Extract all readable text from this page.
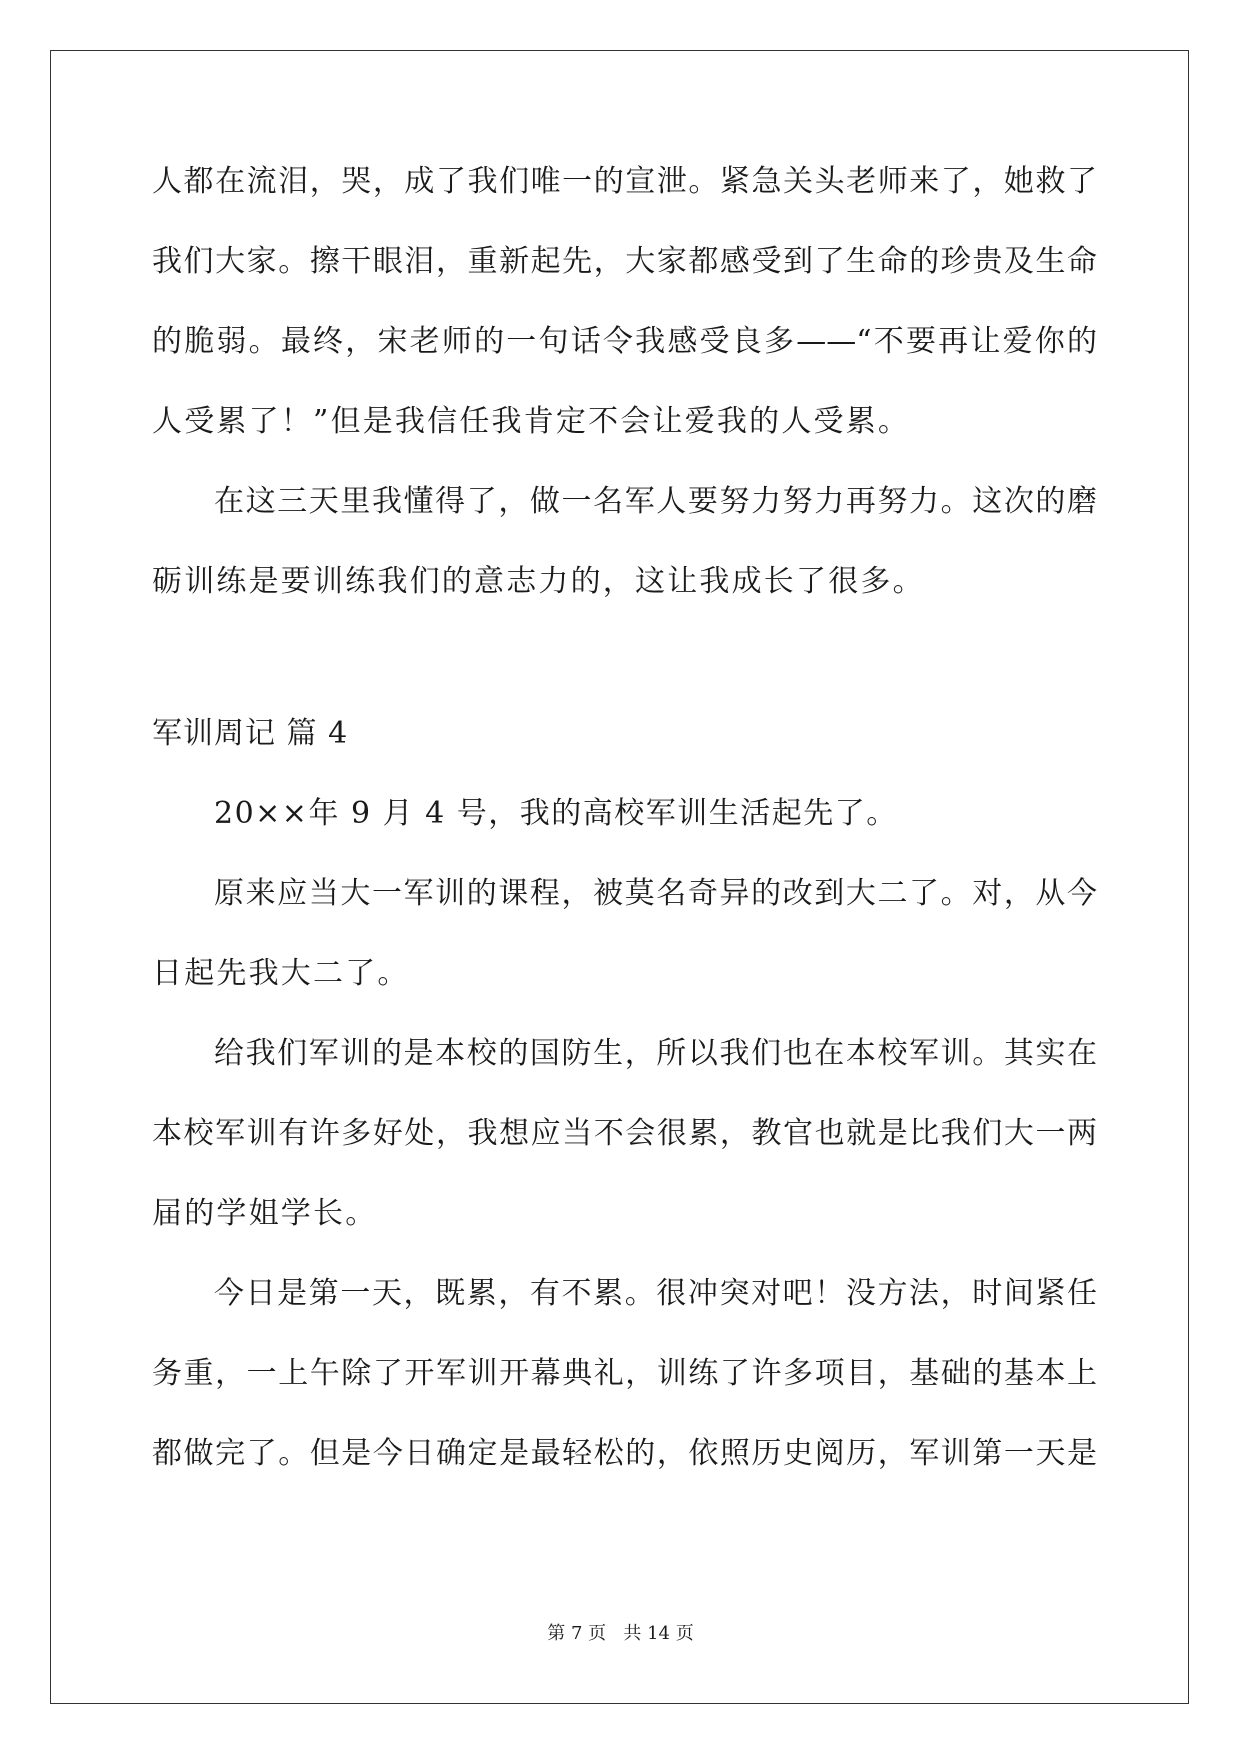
人都在流泪，哭，成了我们唯一的宣泄。紧急关头老师来了，她救了
我们大家。擦干眼泪，重新起先，大家都感受到了生命的珍贵及生命
的脆弱。最终，宋老师的一句话令我感受良多——“不要再让爱你的
人受累了！”但是我信任我肯定不会让爱我的人受累。
在这三天里我懂得了，做一名军人要努力努力再努力。这次的磨
砺训练是要训练我们的意志力的，这让我成长了很多。
军训周记 篇 4
20××年 9 月 4 号，我的高校军训生活起先了。
原来应当大一军训的课程，被莫名奇异的改到大二了。对，从今
日起先我大二了。
给我们军训的是本校的国防生，所以我们也在本校军训。其实在
本校军训有许多好处，我想应当不会很累，教官也就是比我们大一两
届的学姐学长。
今日是第一天，既累，有不累。很冲突对吧！没方法，时间紧任
务重，一上午除了开军训开幕典礼，训练了许多项目，基础的基本上
都做完了。但是今日确定是最轻松的，依照历史阅历，军训第一天是
第 7 页 共 14 页
